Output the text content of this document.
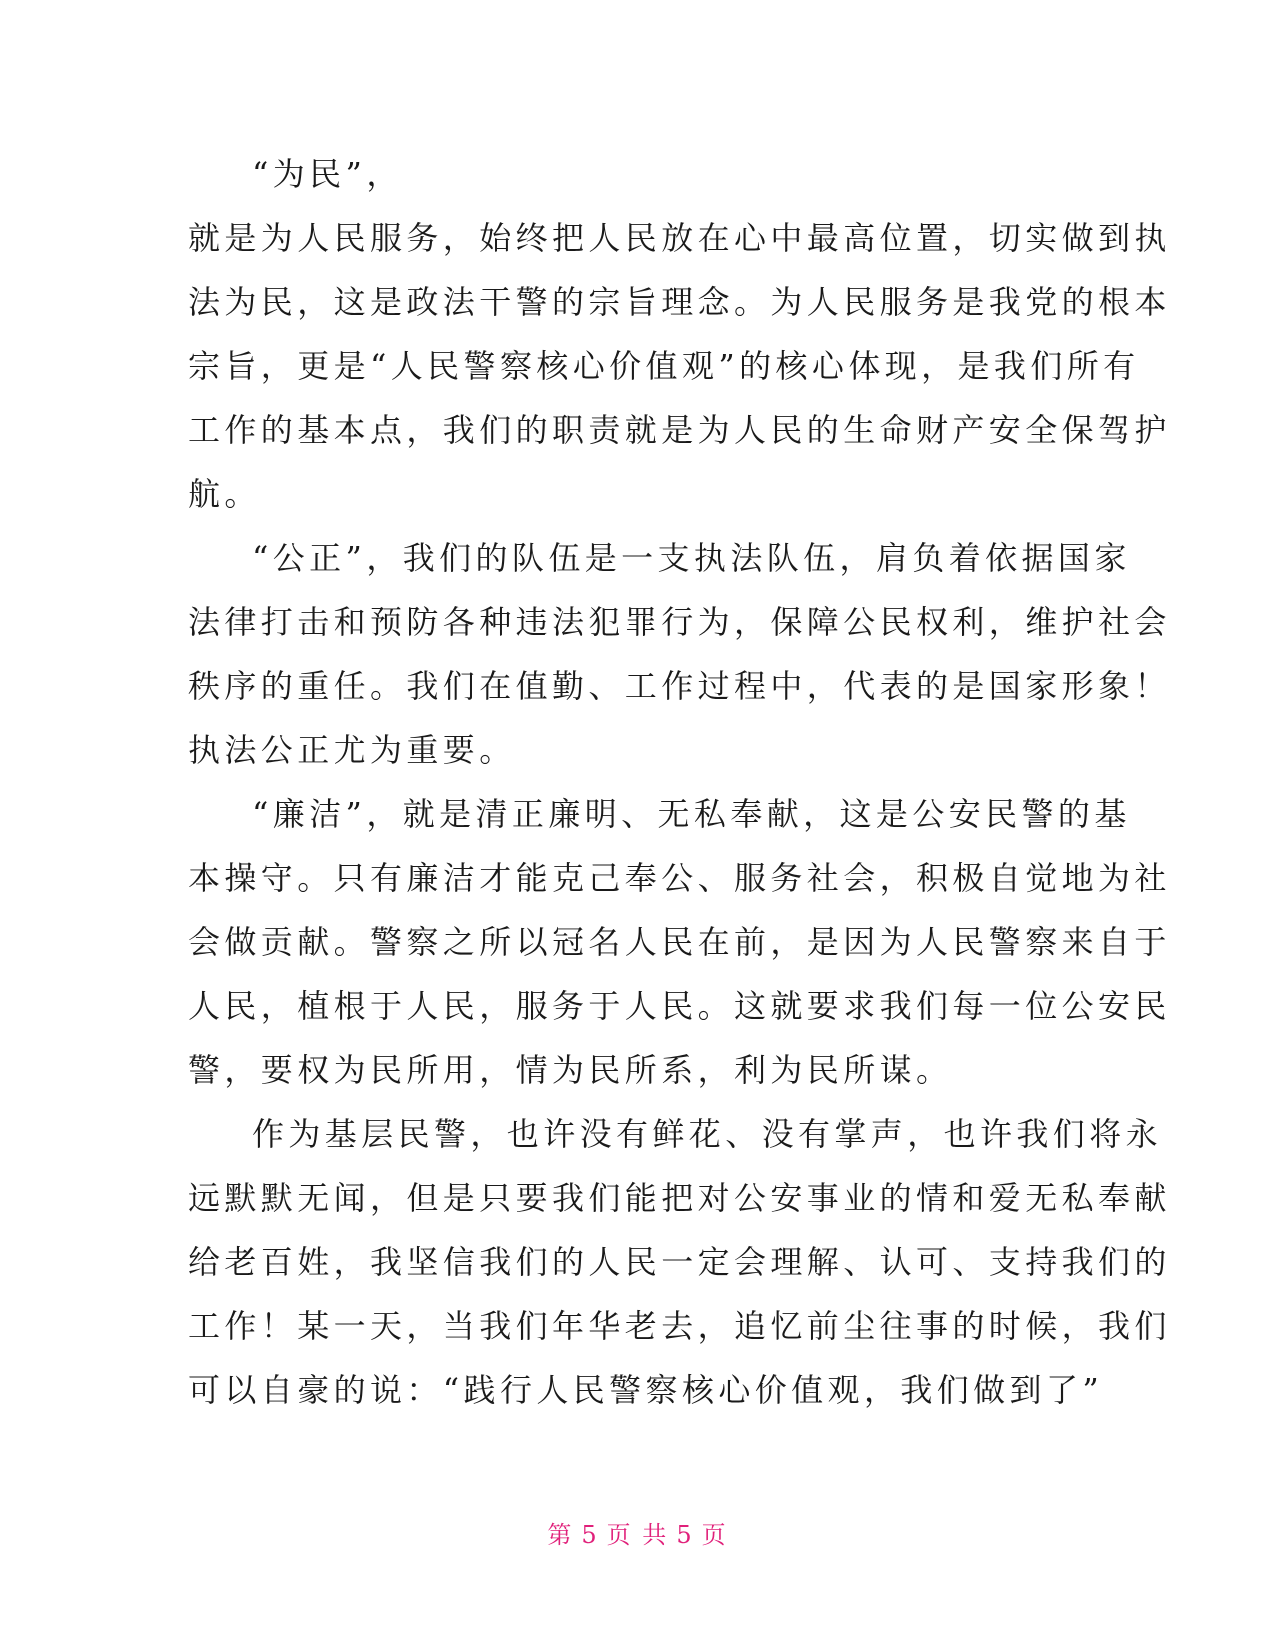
“为民”，
就是为人民服务，始终把人民放在心中最高位置，切实做到执
法为民，这是政法干警的宗旨理念。为人民服务是我党的根本
宗旨，更是“人民警察核心价值观”的核心体现，是我们所有
工作的基本点，我们的职责就是为人民的生命财产安全保驾护
航。
“公正”，我们的队伍是一支执法队伍，肩负着依据国家
法律打击和预防各种违法犯罪行为，保障公民权利，维护社会
秩序的重任。我们在值勤、工作过程中，代表的是国家形象！
执法公正尤为重要。
“廉洁”，就是清正廉明、无私奉献，这是公安民警的基
本操守。只有廉洁才能克己奉公、服务社会，积极自觉地为社
会做贡献。警察之所以冠名人民在前，是因为人民警察来自于
人民，植根于人民，服务于人民。这就要求我们每一位公安民
警，要权为民所用，情为民所系，利为民所谋。
作为基层民警，也许没有鲜花、没有掌声，也许我们将永
远默默无闻，但是只要我们能把对公安事业的情和爱无私奉献
给老百姓，我坚信我们的人民一定会理解、认可、支持我们的
工作！某一天，当我们年华老去，追忆前尘往事的时候，我们
可以自豪的说：“践行人民警察核心价值观，我们做到了”
第 5 页 共 5 页
